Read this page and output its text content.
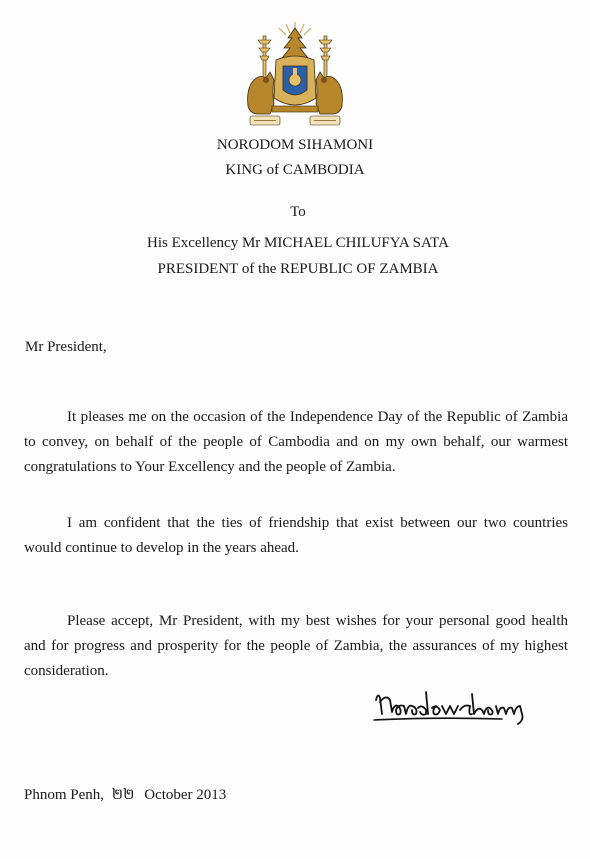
NORODOM SIHAMONI
KING of CAMBODIA
To
His Excellency Mr MICHAEL CHILUFYA SATA
PRESIDENT of the REPUBLIC OF ZAMBIA
Mr President,
It pleases me on the occasion of the Independence Day of the Republic of Zambia to convey, on behalf of the people of Cambodia and on my own behalf, our warmest congratulations to Your Excellency and the people of Zambia.
I am confident that the ties of friendship that exist between our two countries would continue to develop in the years ahead.
Please accept, Mr President, with my best wishes for your personal good health and for progress and prosperity for the people of Zambia, the assurances of my highest consideration.
Phnom Penh, ២២ October 2013
